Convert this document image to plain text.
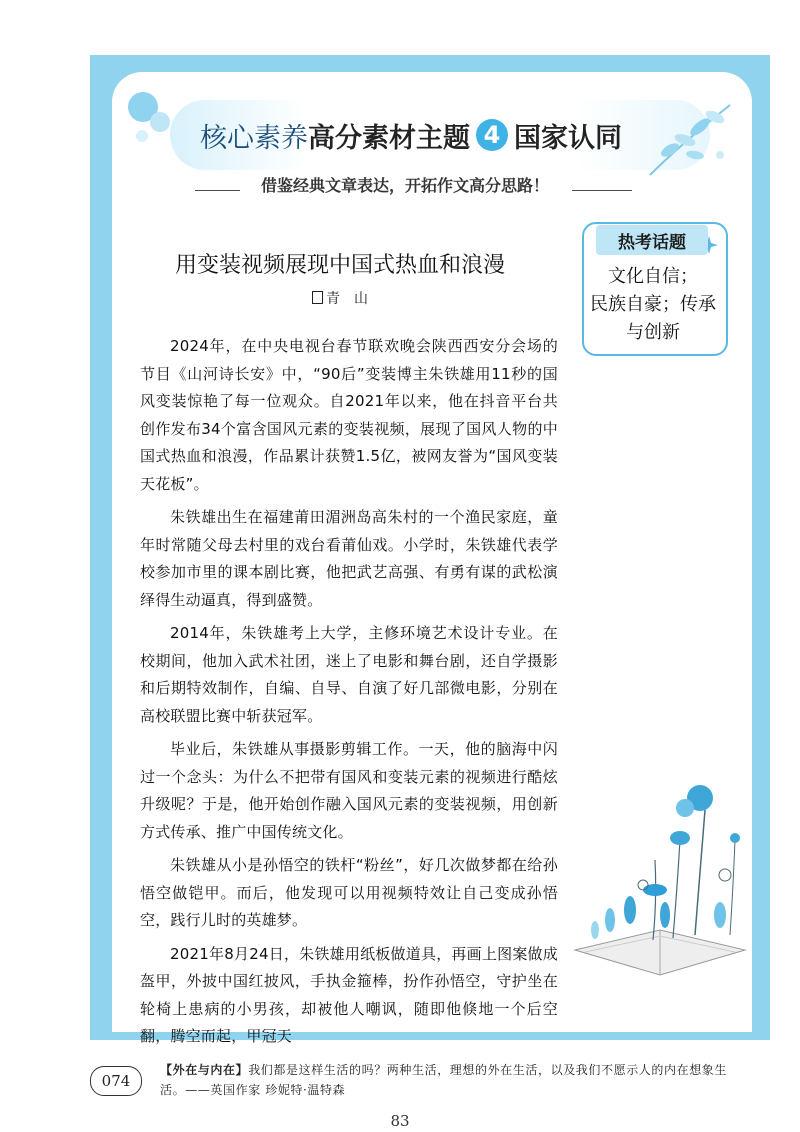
核心素养 高分素材主题 4 国家认同
借鉴经典文章表达，开拓作文高分思路！
热考话题
文化自信；
民族自豪；传承
与创新
用变装视频展现中国式热血和浪漫
青　山

2024年，在中央电视台春节联欢晚会陕西西安分会场的节目《山河诗长安》中，“90后”变装博主朱铁雄用11秒的国风变装惊艳了每一位观众。自2021年以来，他在抖音平台共创作发布34个富含国风元素的变装视频，展现了国风人物的中国式热血和浪漫，作品累计获赞1.5亿，被网友誉为“国风变装天花板”。

朱铁雄出生在福建莆田湄洲岛高朱村的一个渔民家庭，童年时常随父母去村里的戏台看莆仙戏。小学时，朱铁雄代表学校参加市里的课本剧比赛，他把武艺高强、有勇有谋的武松演绎得生动逼真，得到盛赞。

2014年，朱铁雄考上大学，主修环境艺术设计专业。在校期间，他加入武术社团，迷上了电影和舞台剧，还自学摄影和后期特效制作，自编、自导、自演了好几部微电影，分别在高校联盟比赛中斩获冠军。

毕业后，朱铁雄从事摄影剪辑工作。一天，他的脑海中闪过一个念头：为什么不把带有国风和变装元素的视频进行酷炫升级呢？于是，他开始创作融入国风元素的变装视频，用创新方式传承、推广中国传统文化。

朱铁雄从小是孙悟空的铁杆“粉丝”，好几次做梦都在给孙悟空做铠甲。而后，他发现可以用视频特效让自己变成孙悟空，践行儿时的英雄梦。

2021年8月24日，朱铁雄用纸板做道具，再画上图案做成盔甲，外披中国红披风，手执金箍棒，扮作孙悟空，守护坐在轮椅上患病的小男孩，却被他人嘲讽，随即他倏地一个后空翻，腾空而起，甲冠天

074
【外在与内在】我们都是这样生活的吗？两种生活，理想的外在生活，以及我们不愿示人的内在想象生活。——英国作家 珍妮特·温特森
83
